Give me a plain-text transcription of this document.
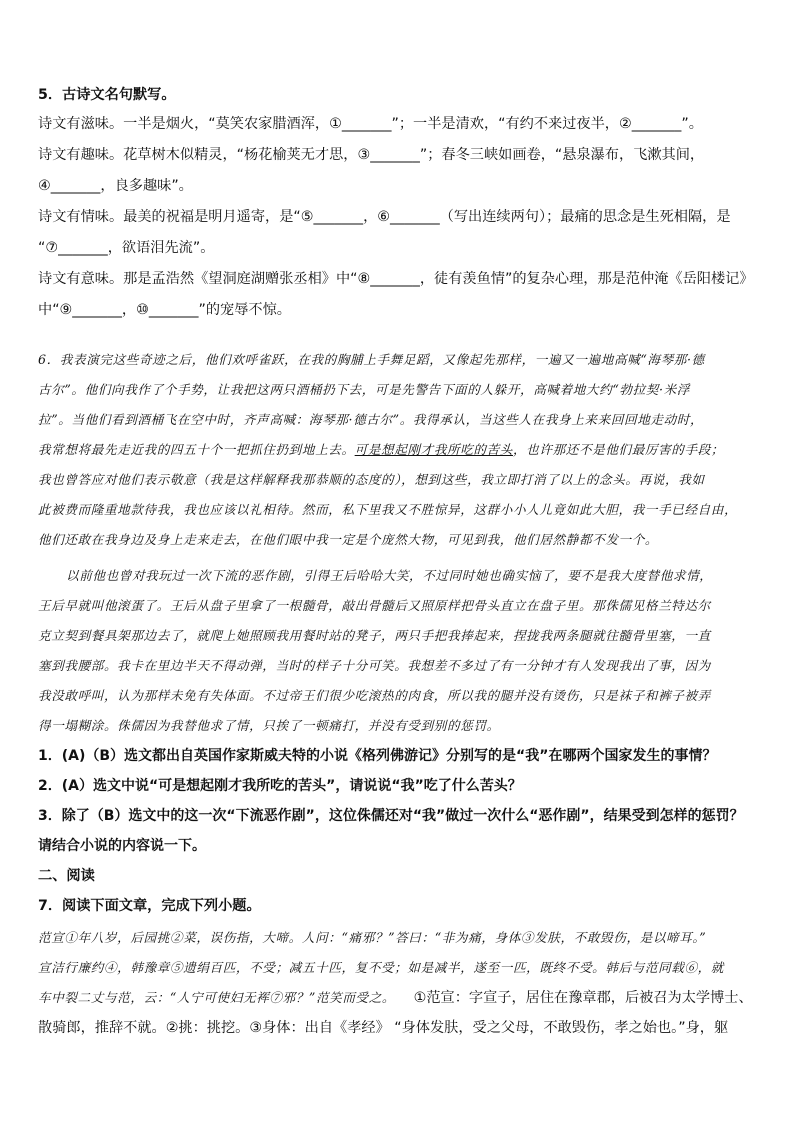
5．古诗文名句默写。
诗文有滋味。一半是烟火，“莫笑农家腊酒浑，①_______”；一半是清欢，“有约不来过夜半，②_______”。
诗文有趣味。花草树木似精灵，“杨花榆荚无才思，③_______”；春冬三峡如画卷，“悬泉瀑布，飞漱其间，
④_______，良多趣味”。
诗文有情味。最美的祝福是明月遥寄，是“⑤_______，⑥_______（写出连续两句）；最痛的思念是生死相隔，是
“⑦_______，欲语泪先流”。
诗文有意味。那是孟浩然《望洞庭湖赠张丞相》中“⑧_______，徒有羡鱼情”的复杂心理，那是范仲淹《岳阳楼记》
中“⑨_______，⑩_______”的宠辱不惊。
6．我表演完这些奇迹之后，他们欢呼雀跃，在我的胸脯上手舞足蹈，又像起先那样，一遍又一遍地高喊“海琴那·德
古尔”。他们向我作了个手势，让我把这两只酒桶扔下去，可是先警告下面的人躲开，高喊着地大约“勃拉契·米浮
拉”。当他们看到酒桶飞在空中时，齐声高喊：海琴那·德古尔”。我得承认，当这些人在我身上来来回回地走动时，
我常想将最先走近我的四五十个一把抓住扔到地上去。可是想起刚才我所吃的苦头，也许那还不是他们最厉害的手段；
我也曾答应对他们表示敬意（我是这样解释我那恭顺的态度的），想到这些，我立即打消了以上的念头。再说，我如
此被费而隆重地款待我，我也应该以礼相待。然而，私下里我又不胜惊异，这群小小人儿竟如此大胆，我一手已经自由，
他们还敢在我身边及身上走来走去，在他们眼中我一定是个庞然大物，可见到我，他们居然静都不发一个。
以前他也曾对我玩过一次下流的恶作剧，引得王后哈哈大笑，不过同时她也确实恼了，要不是我大度替他求情，
王后早就叫他滚蛋了。王后从盘子里拿了一根髓骨，敲出骨髓后又照原样把骨头直立在盘子里。那侏儒见格兰特达尔
克立契到餐具架那边去了，就爬上她照顾我用餐时站的凳子，两只手把我捧起来，捏拢我两条腿就往髓骨里塞，一直
塞到我腰部。我卡在里边半天不得动弹，当时的样子十分可笑。我想差不多过了有一分钟才有人发现我出了事，因为
我没敢呼叫，认为那样未免有失体面。不过帝王们很少吃滚热的肉食，所以我的腿并没有烫伤，只是袜子和裤子被弄
得一塌糊涂。侏儒因为我替他求了情，只挨了一顿痛打，并没有受到别的惩罚。
1．(A)（B）选文都出自英国作家斯威夫特的小说《格列佛游记》分别写的是“我”在哪两个国家发生的事情？
2．(A）选文中说“可是想起刚才我所吃的苦头”，请说说“我”吃了什么苦头？
3．除了（B）选文中的这一次“下流恶作剧”，这位侏儒还对“我”做过一次什么“恶作剧”，结果受到怎样的惩罚？
请结合小说的内容说一下。
二、阅读
7．阅读下面文章，完成下列小题。
范宣①年八岁，后园挑②菜，误伤指，大啼。人问：“痛邪？”答曰：“非为痛，身体③发肤，不敢毁伤，是以啼耳。”
宣洁行廉约④，韩豫章⑤遗绢百匹，不受；减五十匹，复不受；如是减半，遂至一匹，既终不受。韩后与范同载⑥，就
车中裂二丈与范，云：“人宁可使妇无裈⑦邪？”范笑而受之。 ①范宣：字宣子，居住在豫章郡，后被召为太学博士、
散骑郎，推辞不就。②挑：挑挖。③身体：出自《孝经》 “身体发肤，受之父母，不敢毁伤，孝之始也。”身，躯
